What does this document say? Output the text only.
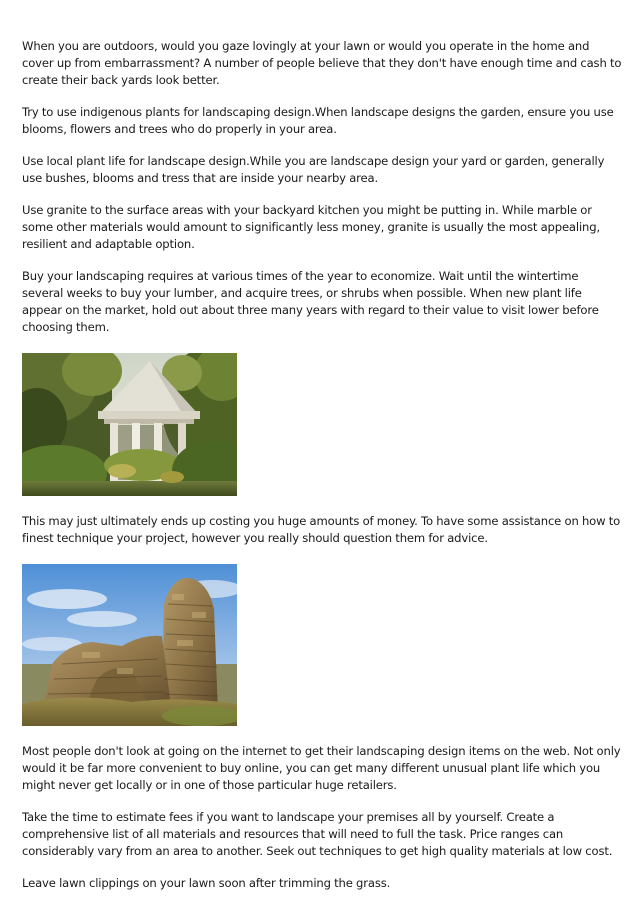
When you are outdoors, would you gaze lovingly at your lawn or would you operate in the home and cover up from embarrassment? A number of people believe that they don't have enough time and cash to create their back yards look better.

Try to use indigenous plants for landscaping design.When landscape designs the garden, ensure you use blooms, flowers and trees who do properly in your area.

Use local plant life for landscape design.While you are landscape design your yard or garden, generally use bushes, blooms and tress that are inside your nearby area.

Use granite to the surface areas with your backyard kitchen you might be putting in. While marble or some other materials would amount to significantly less money, granite is usually the most appealing, resilient and adaptable option.

Buy your landscaping requires at various times of the year to economize. Wait until the wintertime several weeks to buy your lumber, and acquire trees, or shrubs when possible. When new plant life appear on the market, hold out about three many years with regard to their value to visit lower before choosing them.

This may just ultimately ends up costing you huge amounts of money. To have some assistance on how to finest technique your project, however you really should question them for advice.

Most people don't look at going on the internet to get their landscaping design items on the web. Not only would it be far more convenient to buy online, you can get many different unusual plant life which you might never get locally or in one of those particular huge retailers.

Take the time to estimate fees if you want to landscape your premises all by yourself. Create a comprehensive list of all materials and resources that will need to full the task. Price ranges can considerably vary from an area to another. Seek out techniques to get high quality materials at low cost.

Leave lawn clippings on your lawn soon after trimming the grass.
